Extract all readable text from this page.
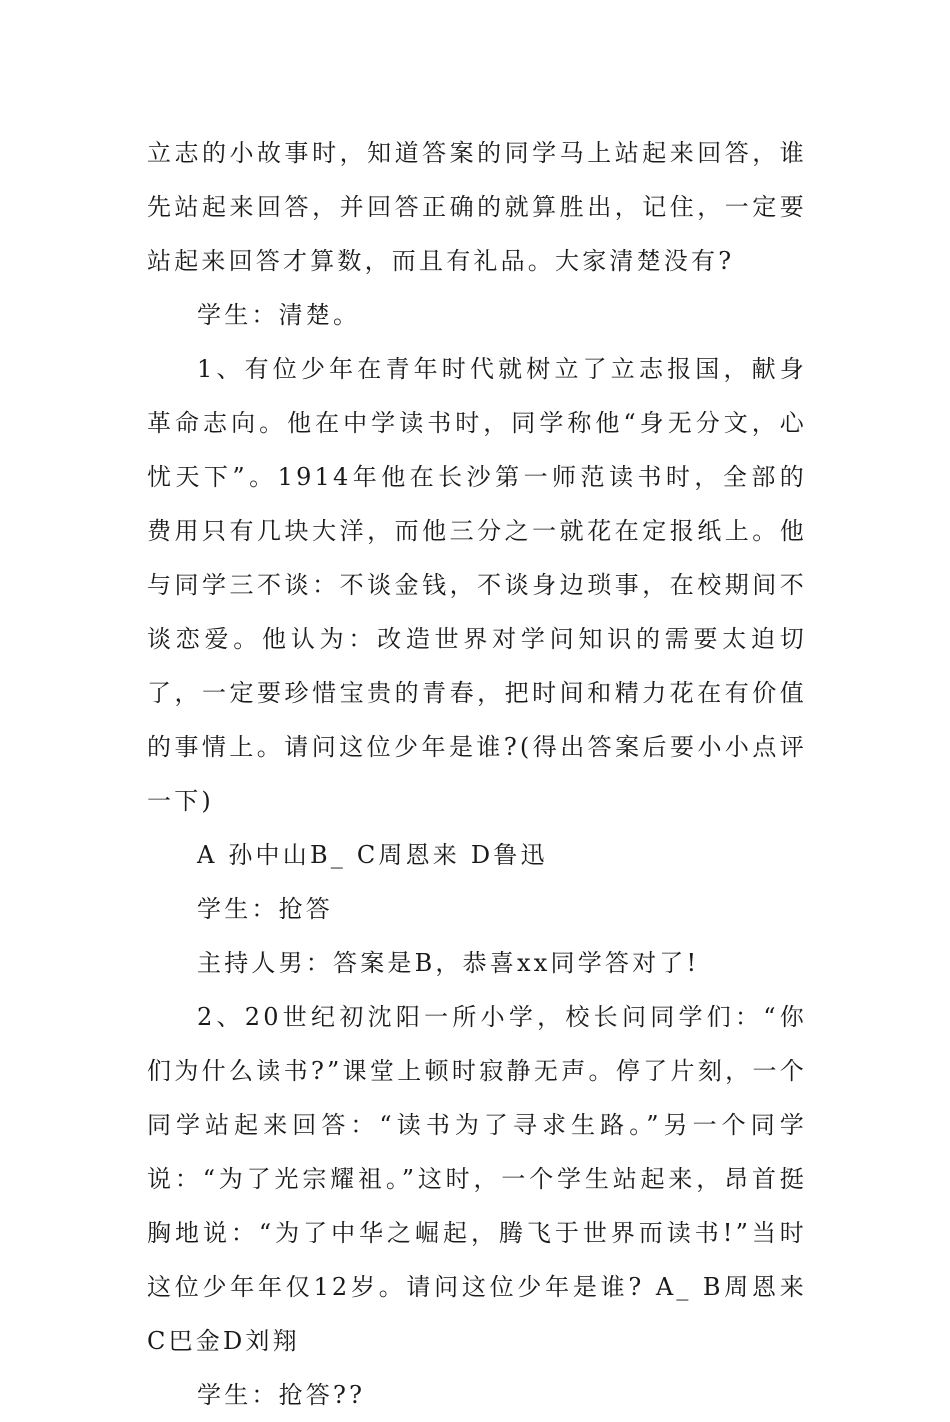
立志的小故事时，知道答案的同学马上站起来回答，谁先站起来回答，并回答正确的就算胜出，记住，一定要站起来回答才算数，而且有礼品。大家清楚没有?

学生：清楚。

1、有位少年在青年时代就树立了立志报国，献身革命志向。他在中学读书时，同学称他“身无分文，心忧天下”。1914年他在长沙第一师范读书时，全部的费用只有几块大洋，而他三分之一就花在定报纸上。他与同学三不谈：不谈金钱，不谈身边琐事，在校期间不谈恋爱。他认为：改造世界对学问知识的需要太迫切了，一定要珍惜宝贵的青春，把时间和精力花在有价值的事情上。请问这位少年是谁?(得出答案后要小小点评一下)

A 孙中山B_ C周恩来 D鲁迅

学生：抢答

主持人男：答案是B，恭喜xx同学答对了!

2、20世纪初沈阳一所小学，校长问同学们：“你们为什么读书?”课堂上顿时寂静无声。停了片刻，一个同学站起来回答：“读书为了寻求生路。”另一个同学说：“为了光宗耀祖。”这时，一个学生站起来，昂首挺胸地说：“为了中华之崛起，腾飞于世界而读书!”当时这位少年年仅12岁。请问这位少年是谁? A_ B周恩来 C巴金D刘翔

学生：抢答??
